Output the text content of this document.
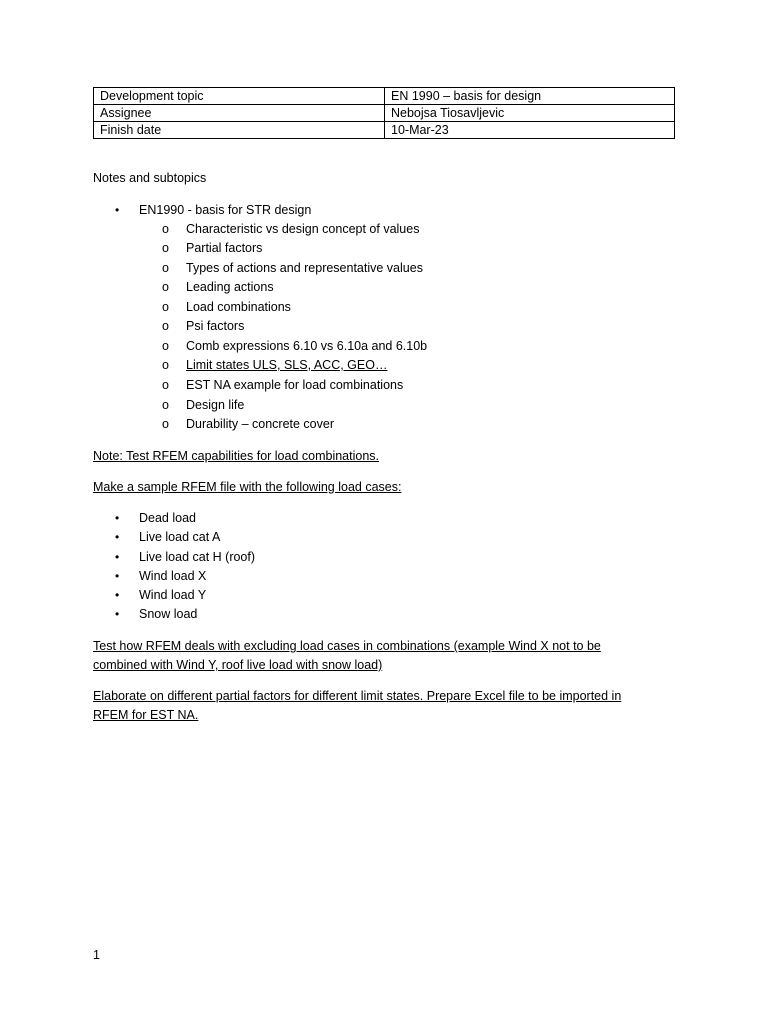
Development topic	EN 1990 – basis for design
Assignee	Nebojsa Tiosavljevic
Finish date	10-Mar-23
Notes and subtopics
• EN1990 - basis for STR design
o Characteristic vs design concept of values
o Partial factors
o Types of actions and representative values
o Leading actions
o Load combinations
o Psi factors
o Comb expressions 6.10 vs 6.10a and 6.10b
o Limit states ULS, SLS, ACC, GEO…
o EST NA example for load combinations
o Design life
o Durability – concrete cover
Note: Test RFEM capabilities for load combinations.
Make a sample RFEM file with the following load cases:
• Dead load
• Live load cat A
• Live load cat H (roof)
• Wind load X
• Wind load Y
• Snow load
Test how RFEM deals with excluding load cases in combinations (example Wind X not to be
combined with Wind Y, roof live load with snow load)
Elaborate on different partial factors for different limit states. Prepare Excel file to be imported in
RFEM for EST NA.
1
